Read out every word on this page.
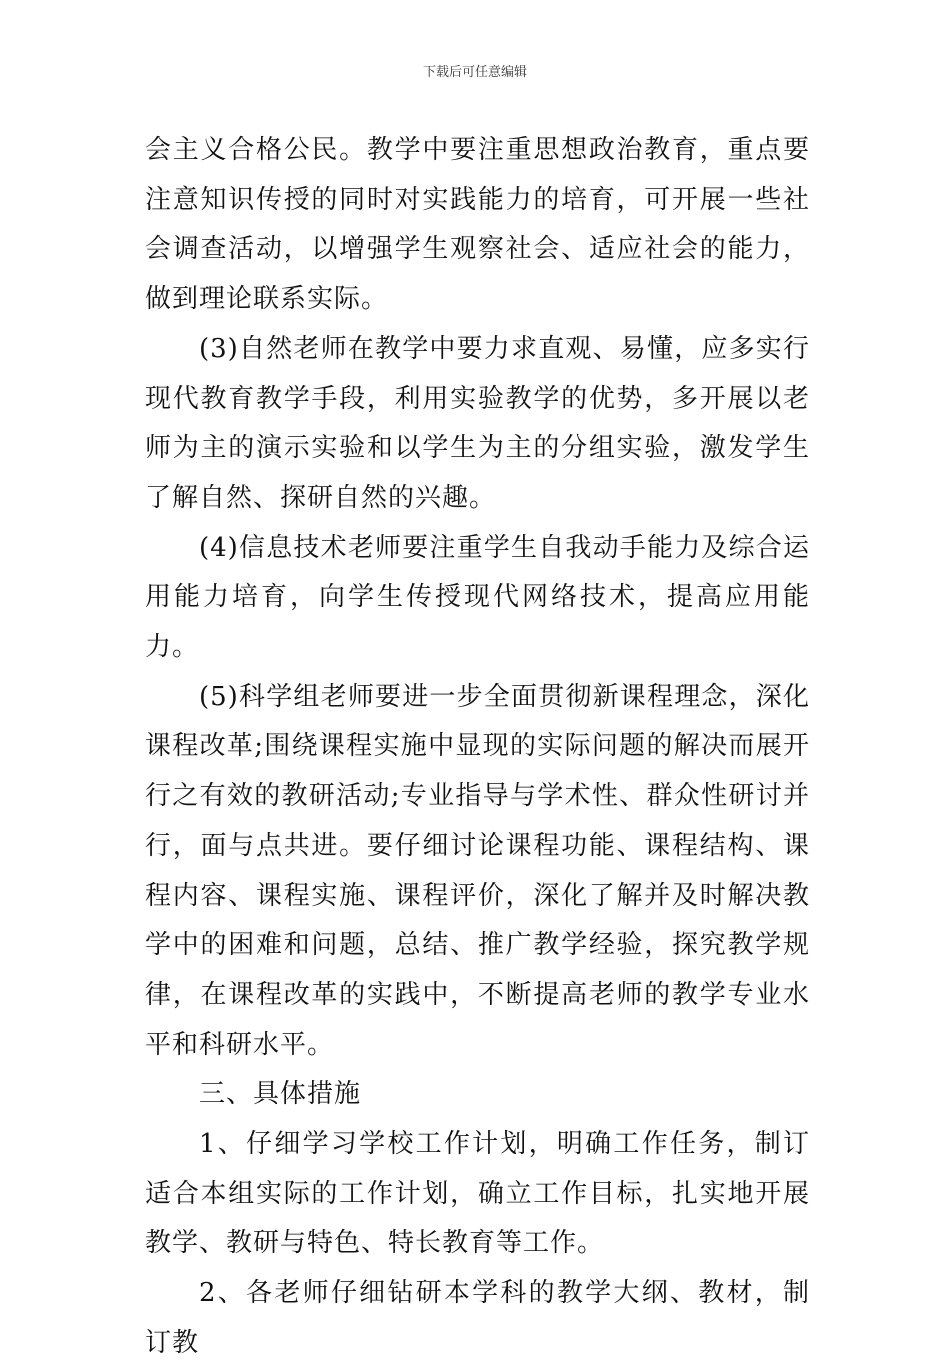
下载后可任意编辑

会主义合格公民。教学中要注重思想政治教育，重点要注意知识传授的同时对实践能力的培育，可开展一些社会调查活动，以增强学生观察社会、适应社会的能力，做到理论联系实际。

(3)自然老师在教学中要力求直观、易懂，应多实行现代教育教学手段，利用实验教学的优势，多开展以老师为主的演示实验和以学生为主的分组实验，激发学生了解自然、探研自然的兴趣。

(4)信息技术老师要注重学生自我动手能力及综合运用能力培育，向学生传授现代网络技术，提高应用能力。

(5)科学组老师要进一步全面贯彻新课程理念，深化课程改革;围绕课程实施中显现的实际问题的解决而展开行之有效的教研活动;专业指导与学术性、群众性研讨并行，面与点共进。要仔细讨论课程功能、课程结构、课程内容、课程实施、课程评价，深化了解并及时解决教学中的困难和问题，总结、推广教学经验，探究教学规律，在课程改革的实践中，不断提高老师的教学专业水平和科研水平。

三、具体措施

1、仔细学习学校工作计划，明确工作任务，制订适合本组实际的工作计划，确立工作目标，扎实地开展教学、教研与特色、特长教育等工作。

2、各老师仔细钻研本学科的教学大纲、教材，制订教
